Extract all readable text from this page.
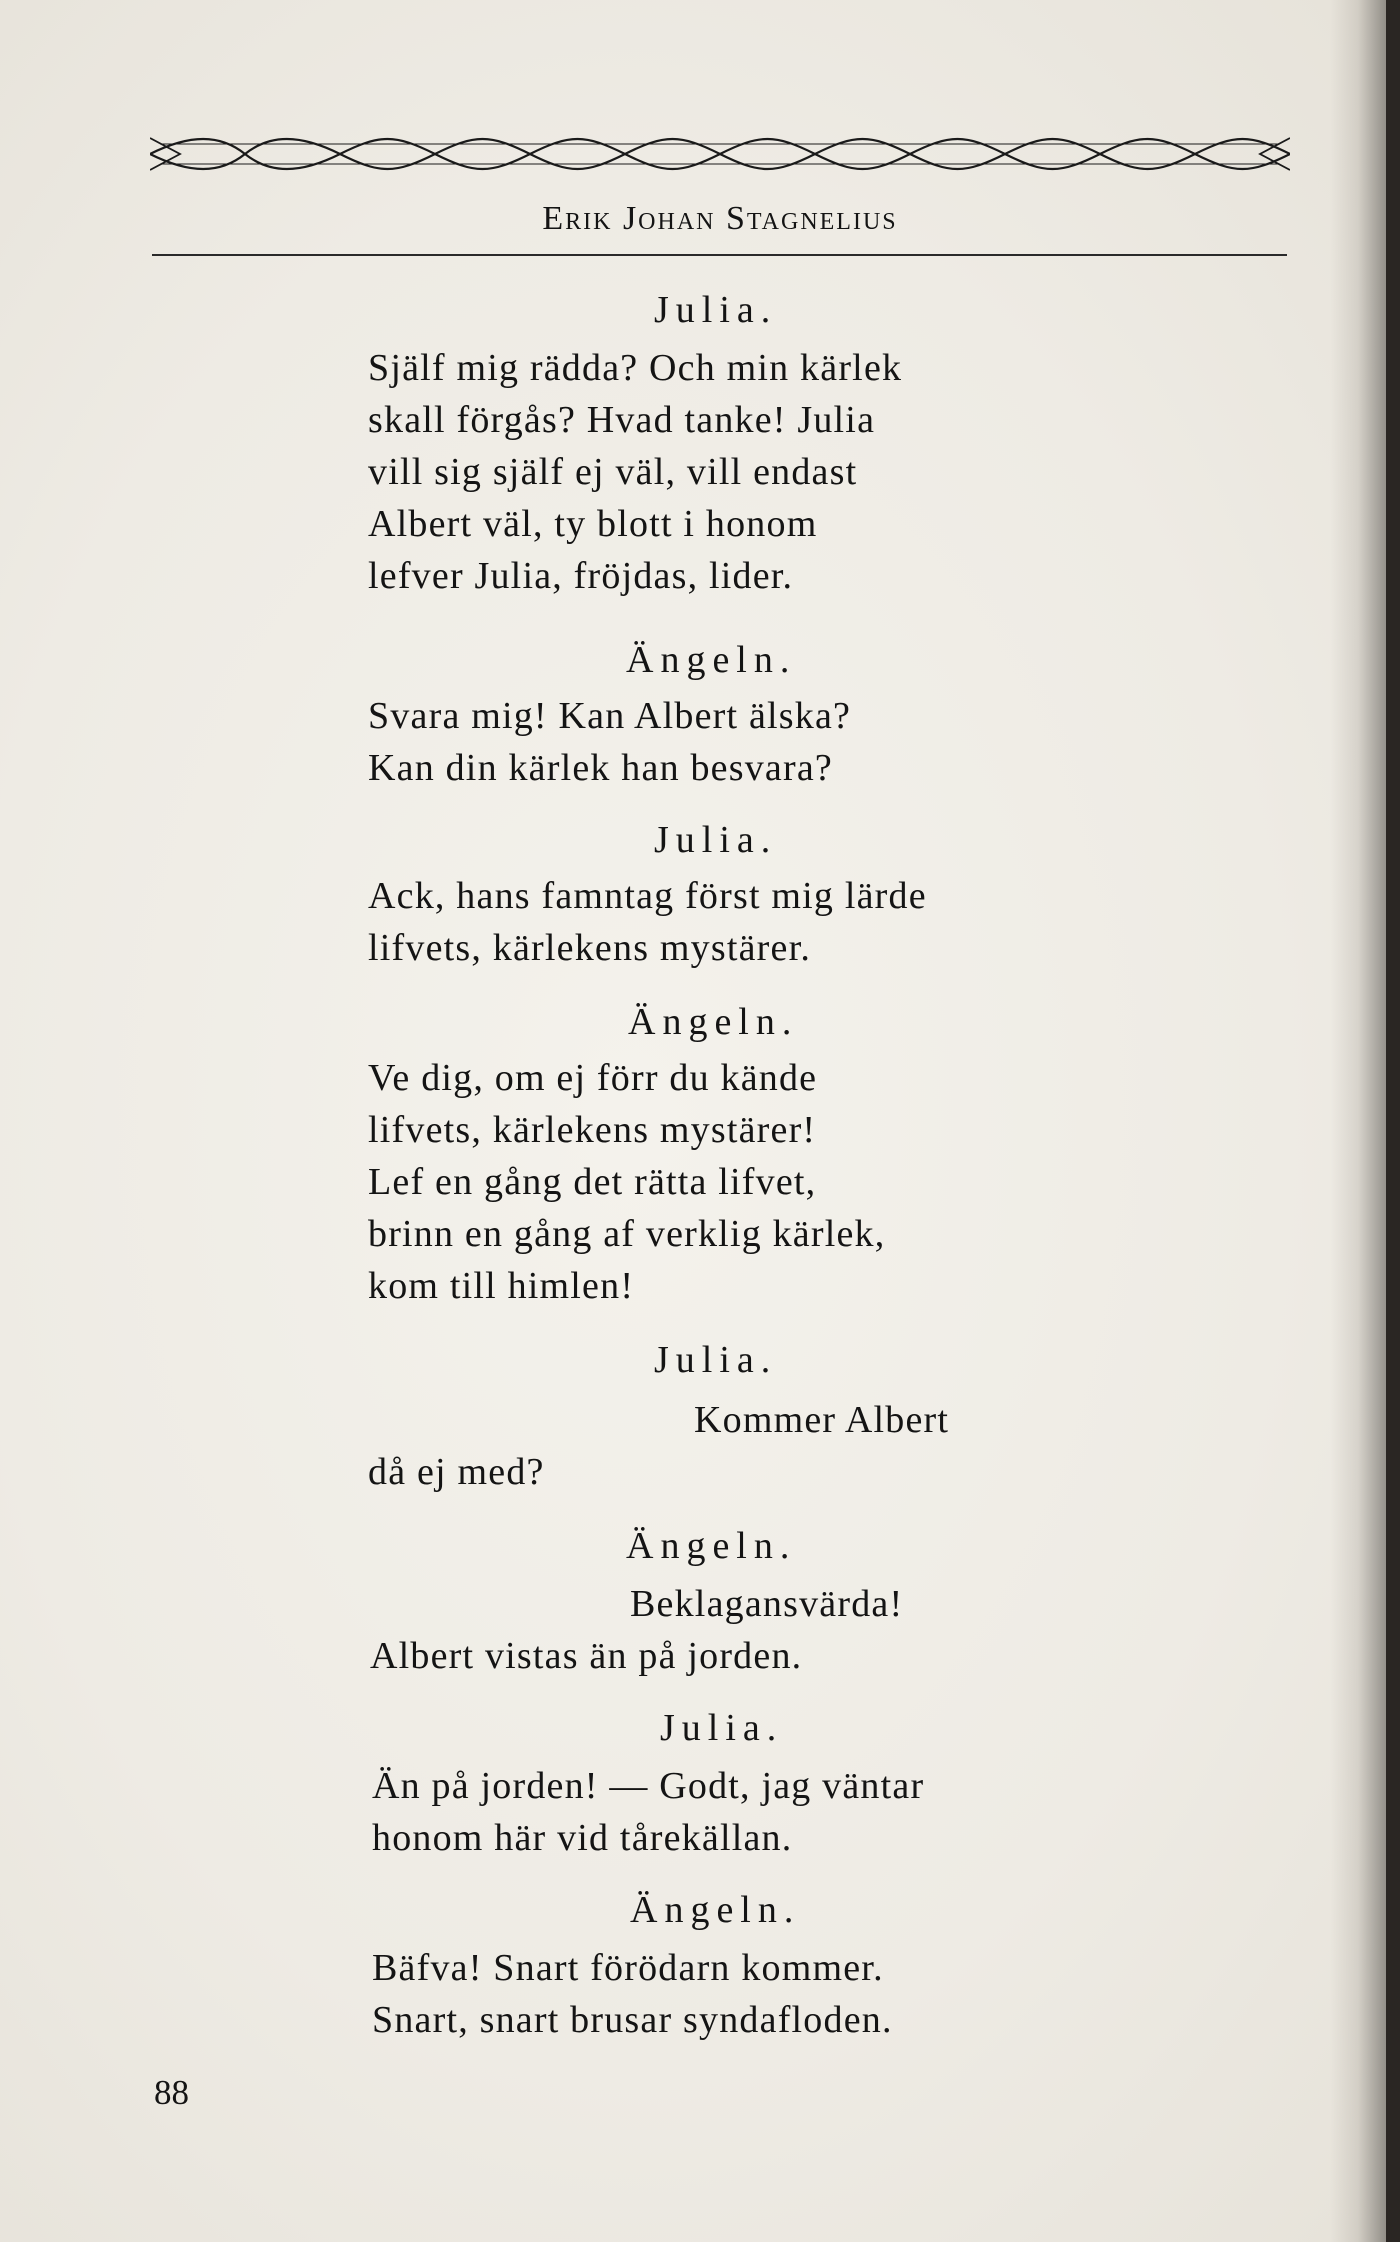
Erik Johan Stagnelius
Julia.
Själf mig rädda? Och min kärlek
skall förgås? Hvad tanke! Julia
vill sig själf ej väl, vill endast
Albert väl, ty blott i honom
lefver Julia, fröjdas, lider.
Ängeln.
Svara mig! Kan Albert älska?
Kan din kärlek han besvara?
Julia.
Ack, hans famntag först mig lärde
lifvets, kärlekens mystärer.
Ängeln.
Ve dig, om ej förr du kände
lifvets, kärlekens mystärer!
Lef en gång det rätta lifvet,
brinn en gång af verklig kärlek,
kom till himlen!
Julia.
Kommer Albert
då ej med?
Ängeln.
Beklagansvärda!
Albert vistas än på jorden.
Julia.
Än på jorden! — Godt, jag väntar
honom här vid tårekällan.
Ängeln.
Bäfva! Snart förödarn kommer.
Snart, snart brusar syndafloden.
88
